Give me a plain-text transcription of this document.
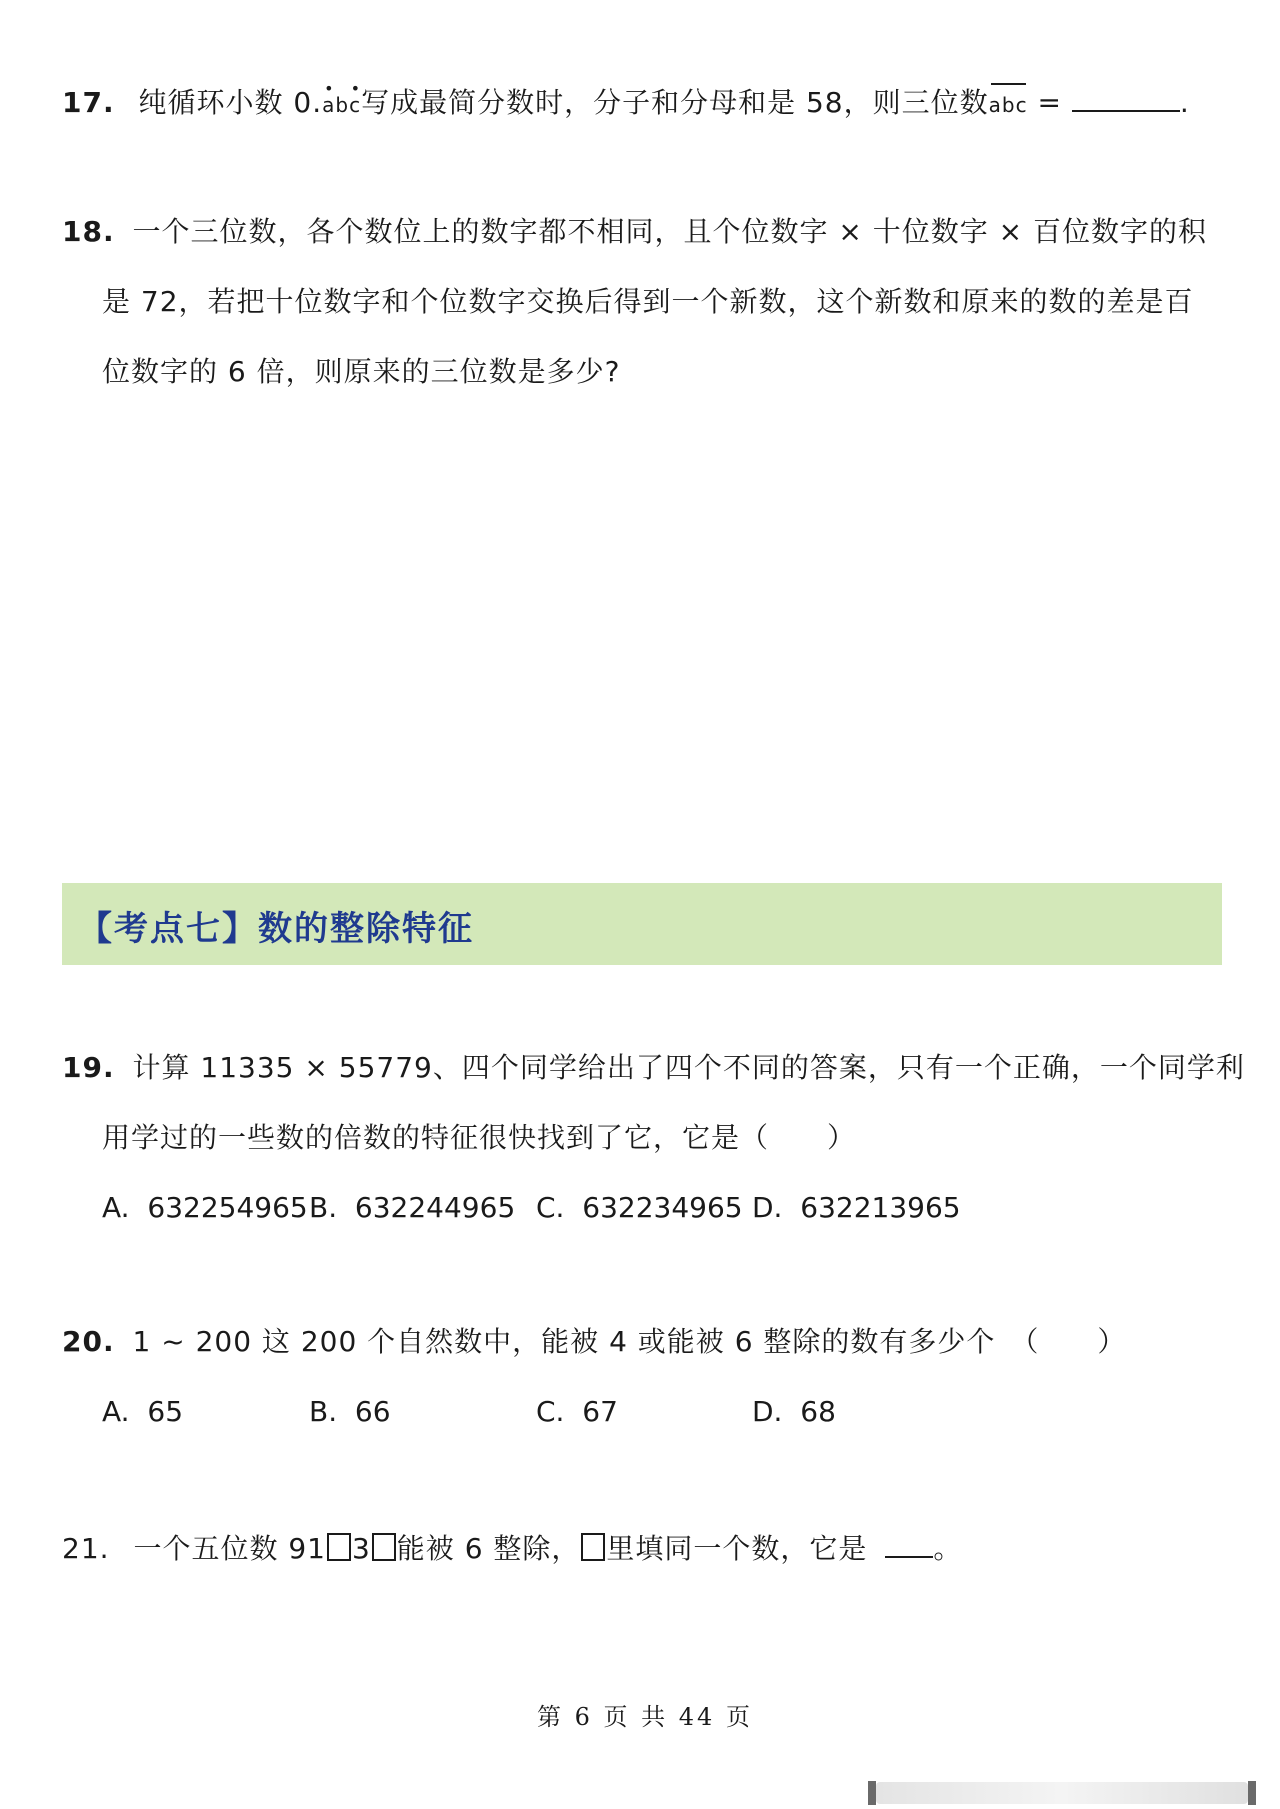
17. 纯循环小数 0.abc
• • 写成最简分数时，分子和分母和是 58，则三位数abc =	.
18. 一个三位数，各个数位上的数字都不相同，且个位数字 × 十位数字 × 百位数字的积
是 72，若把十位数字和个位数字交换后得到一个新数，这个新数和原来的数的差是百
位数字的 6 倍，则原来的三位数是多少?
【考点七】数的整除特征
19. 计算 11335 × 55779、四个同学给出了四个不同的答案，只有一个正确，一个同学利
用学过的一些数的倍数的特征很快找到了它，它是（　　）
A. 632254965 B. 632244965 C. 632234965 D. 632213965
20. 1 ~ 200 这 200 个自然数中，能被 4 或能被 6 整除的数有多少个　（　　）
A. 65	B. 66	C. 67	D. 68
21. 一个五位数 91 3 能被 6 整除， 里填同一个数，它是 。
第 6 页 共 44 页
